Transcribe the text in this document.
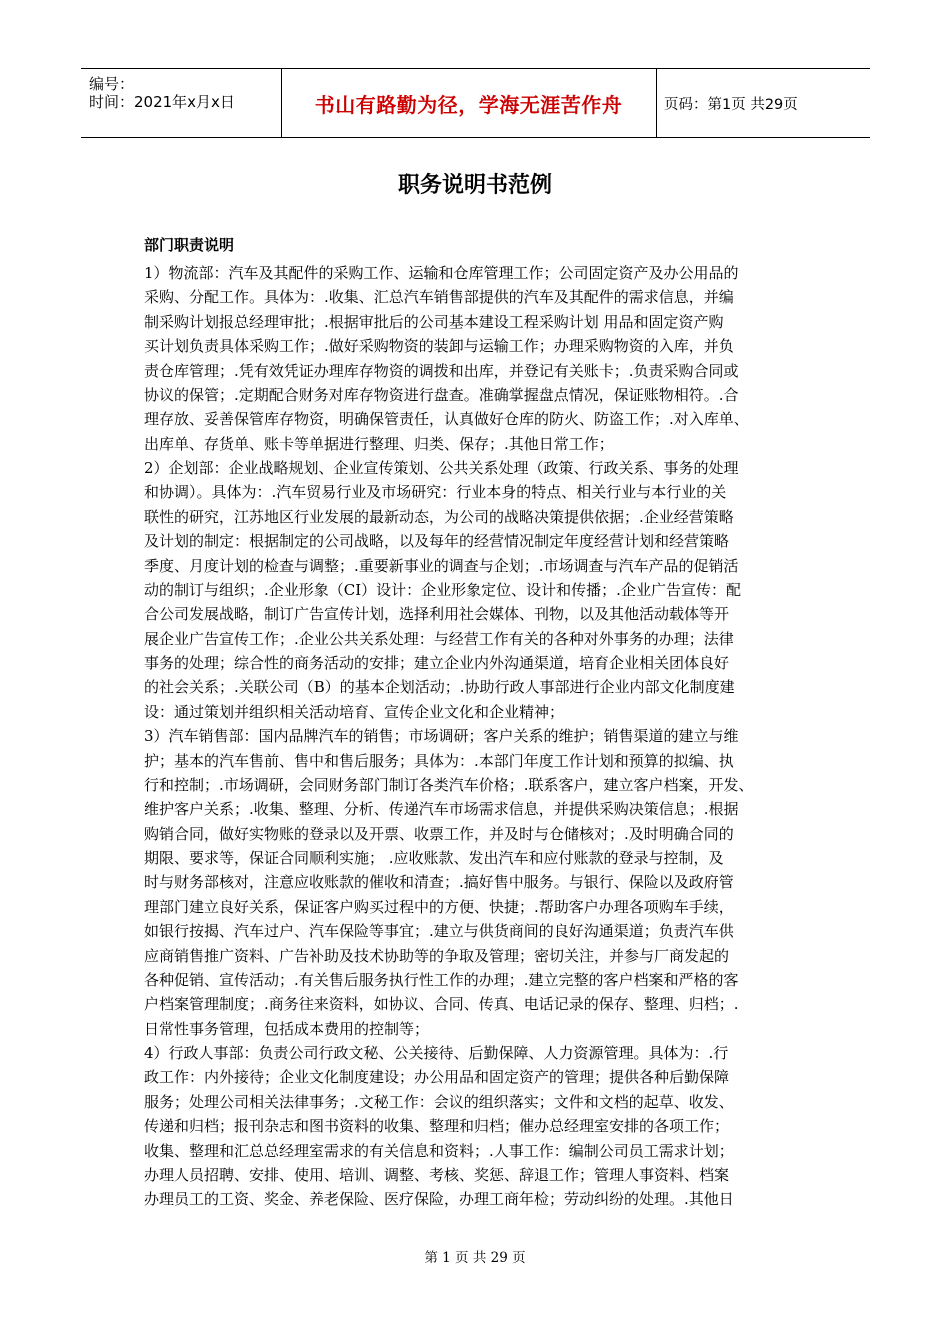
编号：
时间：2021年x月x日	书山有路勤为径，学海无涯苦作舟	页码：第1页 共29页
职务说明书范例
部门职责说明
1）物流部：汽车及其配件的采购工作、运输和仓库管理工作；公司固定资产及办公用品的
采购、分配工作。具体为：.收集、汇总汽车销售部提供的汽车及其配件的需求信息，并编
制采购计划报总经理审批；.根据审批后的公司基本建设工程采购计划 用品和固定资产购
买计划负责具体采购工作；.做好采购物资的装卸与运输工作；办理采购物资的入库，并负
责仓库管理；.凭有效凭证办理库存物资的调拨和出库，并登记有关账卡；.负责采购合同或
协议的保管；.定期配合财务对库存物资进行盘查。准确掌握盘点情况，保证账物相符。.合
理存放、妥善保管库存物资，明确保管责任，认真做好仓库的防火、防盗工作；.对入库单、
出库单、存货单、账卡等单据进行整理、归类、保存；.其他日常工作；
2）企划部：企业战略规划、企业宣传策划、公共关系处理（政策、行政关系、事务的处理
和协调）。具体为：.汽车贸易行业及市场研究：行业本身的特点、相关行业与本行业的关
联性的研究，江苏地区行业发展的最新动态，为公司的战略决策提供依据；.企业经营策略
及计划的制定：根据制定的公司战略，以及每年的经营情况制定年度经营计划和经营策略
季度、月度计划的检查与调整；.重要新事业的调查与企划；.市场调查与汽车产品的促销活
动的制订与组织；.企业形象（CI）设计：企业形象定位、设计和传播；.企业广告宣传：配
合公司发展战略，制订广告宣传计划，选择利用社会媒体、刊物，以及其他活动载体等开
展企业广告宣传工作；.企业公共关系处理：与经营工作有关的各种对外事务的办理；法律
事务的处理；综合性的商务活动的安排；建立企业内外沟通渠道，培育企业相关团体良好
的社会关系；.关联公司（B）的基本企划活动；.协助行政人事部进行企业内部文化制度建
设：通过策划并组织相关活动培育、宣传企业文化和企业精神；
3）汽车销售部：国内品牌汽车的销售；市场调研；客户关系的维护；销售渠道的建立与维
护；基本的汽车售前、售中和售后服务；具体为：.本部门年度工作计划和预算的拟编、执
行和控制；.市场调研，会同财务部门制订各类汽车价格；.联系客户，建立客户档案，开发、
维护客户关系；.收集、整理、分析、传递汽车市场需求信息，并提供采购决策信息；.根据
购销合同，做好实物账的登录以及开票、收票工作，并及时与仓储核对；.及时明确合同的
期限、要求等，保证合同顺利实施； .应收账款、发出汽车和应付账款的登录与控制，及
时与财务部核对，注意应收账款的催收和清查；.搞好售中服务。与银行、保险以及政府管
理部门建立良好关系，保证客户购买过程中的方便、快捷；.帮助客户办理各项购车手续，
如银行按揭、汽车过户、汽车保险等事宜；.建立与供货商间的良好沟通渠道；负责汽车供
应商销售推广资料、广告补助及技术协助等的争取及管理；密切关注，并参与厂商发起的
各种促销、宣传活动；.有关售后服务执行性工作的办理；.建立完整的客户档案和严格的客
户档案管理制度；.商务往来资料，如协议、合同、传真、电话记录的保存、整理、归档；.
日常性事务管理，包括成本费用的控制等；
4）行政人事部：负责公司行政文秘、公关接待、后勤保障、人力资源管理。具体为：.行
政工作：内外接待；企业文化制度建设；办公用品和固定资产的管理；提供各种后勤保障
服务；处理公司相关法律事务；.文秘工作：会议的组织落实；文件和文档的起草、收发、
传递和归档；报刊杂志和图书资料的收集、整理和归档；催办总经理室安排的各项工作；
收集、整理和汇总总经理室需求的有关信息和资料；.人事工作：编制公司员工需求计划；
办理人员招聘、安排、使用、培训、调整、考核、奖惩、辞退工作；管理人事资料、档案
办理员工的工资、奖金、养老保险、医疗保险，办理工商年检；劳动纠纷的处理。.其他日
第 1 页 共 29 页
